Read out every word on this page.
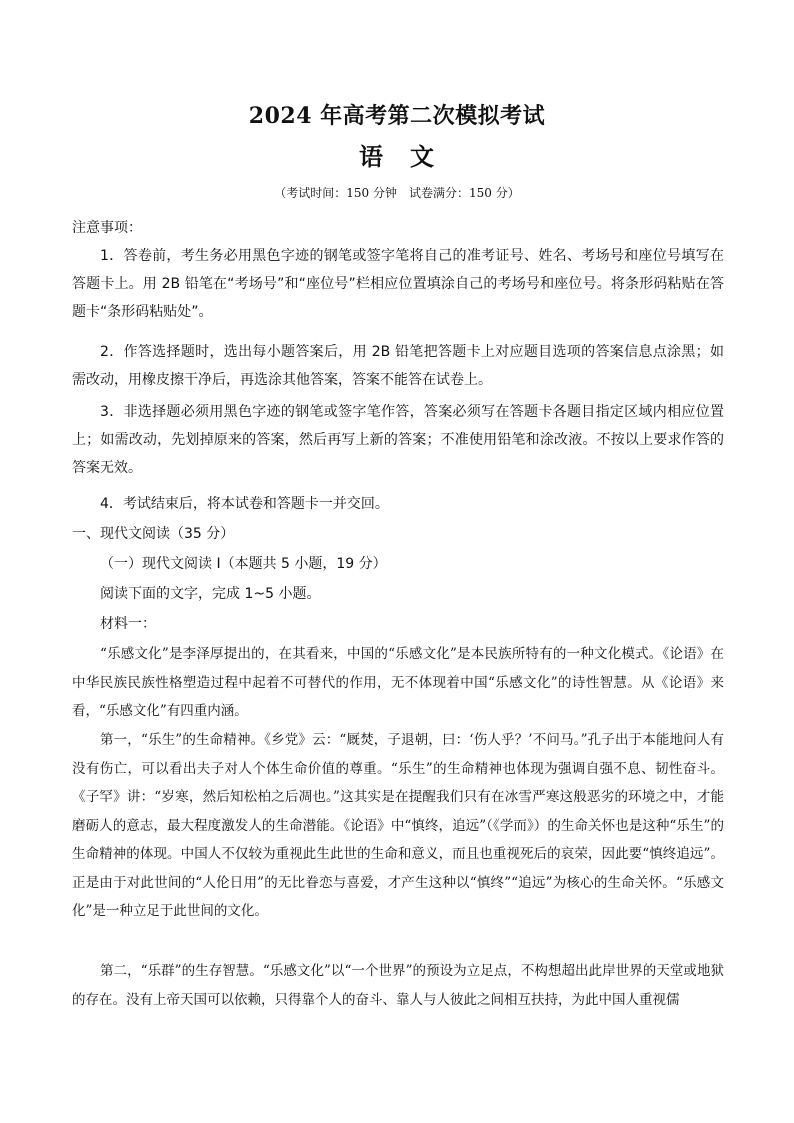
2024 年高考第二次模拟考试
语 文
（考试时间：150 分钟　试卷满分：150 分）

注意事项：

1．答卷前，考生务必用黑色字迹的钢笔或签字笔将自己的准考证号、姓名、考场号和座位号填写在答题卡上。用 2B 铅笔在“考场号”和“座位号”栏相应位置填涂自己的考场号和座位号。将条形码粘贴在答题卡“条形码粘贴处”。

2．作答选择题时，选出每小题答案后，用 2B 铅笔把答题卡上对应题目选项的答案信息点涂黑；如需改动，用橡皮擦干净后，再选涂其他答案，答案不能答在试卷上。

3．非选择题必须用黑色字迹的钢笔或签字笔作答，答案必须写在答题卡各题目指定区域内相应位置上；如需改动，先划掉原来的答案，然后再写上新的答案；不准使用铅笔和涂改液。不按以上要求作答的答案无效。

4．考试结束后，将本试卷和答题卡一并交回。

一、现代文阅读（35 分）

（一）现代文阅读 I（本题共 5 小题，19 分）

阅读下面的文字，完成 1~5 小题。

材料一：

“乐感文化”是李泽厚提出的，在其看来，中国的“乐感文化”是本民族所特有的一种文化模式。《论语》在中华民族民族性格塑造过程中起着不可替代的作用，无不体现着中国“乐感文化”的诗性智慧。从《论语》来看，“乐感文化”有四重内涵。

第一，“乐生”的生命精神。《乡党》云：“厩焚，子退朝，曰：‘伤人乎？’不问马。”孔子出于本能地问人有没有伤亡，可以看出夫子对人个体生命价值的尊重。“乐生”的生命精神也体现为强调自强不息、韧性奋斗。《子罕》讲：“岁寒，然后知松柏之后凋也。”这其实是在提醒我们只有在冰雪严寒这般恶劣的环境之中，才能磨砺人的意志，最大程度激发人的生命潜能。《论语》中“慎终，追远”（《学而》）的生命关怀也是这种“乐生”的生命精神的体现。中国人不仅较为重视此生此世的生命和意义，而且也重视死后的哀荣，因此要“慎终追远”。正是由于对此世间的“人伦日用”的无比眷恋与喜爱，才产生这种以“慎终”“追远”为核心的生命关怀。“乐感文化”是一种立足于此世间的文化。

第二，“乐群”的生存智慧。“乐感文化”以“一个世界”的预设为立足点，不构想超出此岸世界的天堂或地狱的存在。没有上帝天国可以依赖，只得靠个人的奋斗、靠人与人彼此之间相互扶持，为此中国人重视儒
